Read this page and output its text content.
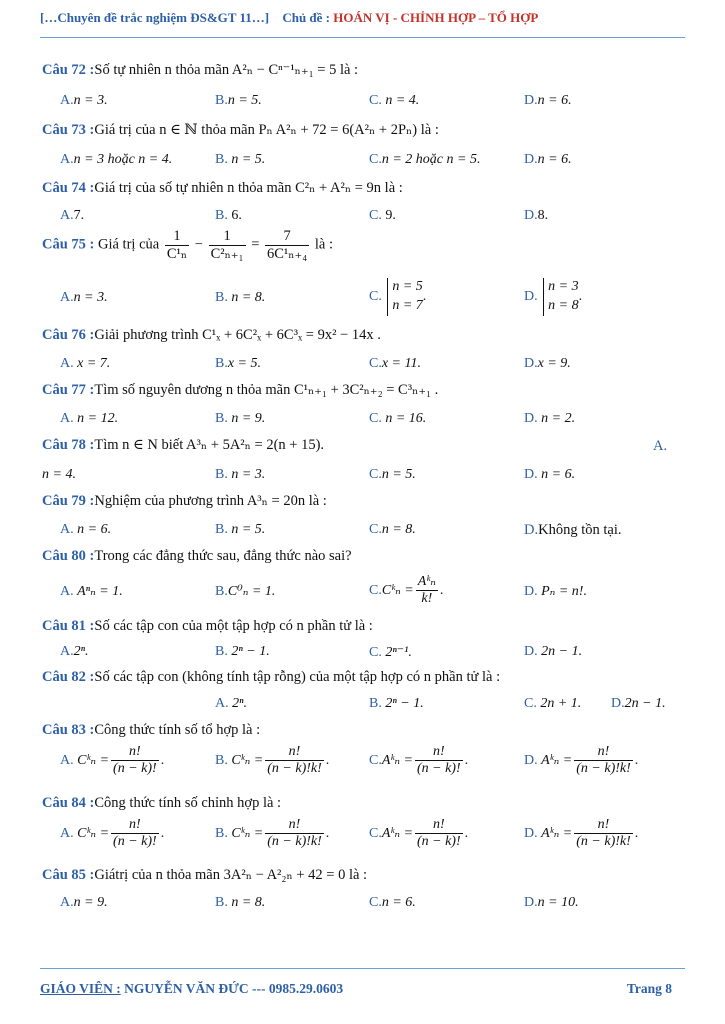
[…Chuyên đề trắc nghiệm ĐS&GT 11…] Chủ đề : HOÁN VỊ - CHỈNH HỢP – TỔ HỢP
Câu 72 :Số tự nhiên n thỏa mãn A²ₙ − Cⁿ⁻¹ₙ₊₁ = 5 là :
A.n = 3.	B.n = 5.	C. n = 4.	D.n = 6.
Câu 73 :Giá trị của n ∈ ℕ thỏa mãn Pₙ A²ₙ + 72 = 6(A²ₙ + 2Pₙ) là :
A.n = 3 hoặc n = 4.	B. n = 5.	C.n = 2 hoặc n = 5.	D.n = 6.
Câu 74 :Giá trị của số tự nhiên n thỏa mãn C²ₙ + A²ₙ = 9n là :
A.7.	B. 6.	C. 9.	D.8.
Câu 75 : Giá trị của $\frac{1}{\text{C¹ₙ}} - \frac{1}{\text{C²ₙ₊₁}} = \frac{7}{\text{6C¹ₙ₊₄}}$ là :
A.n = 3.	B. n = 8.	C.
n = 5
n = 7
.	D.
n = 3
n = 8
.
Câu 76 :Giải phương trình C¹ₓ + 6C²ₓ + 6C³ₓ = 9x² − 14x .
A. x = 7.	B.x = 5.	C.x = 11.	D.x = 9.
Câu 77 :Tìm số nguyên dương n thỏa mãn C¹ₙ₊₁ + 3C²ₙ₊₂ = C³ₙ₊₁ .
A. n = 12.	B. n = 9.	C. n = 16.	D. n = 2.
Câu 78 :Tìm n ∈ N biết A³ₙ + 5A²ₙ = 2(n + 15).	A.
n = 4.	B. n = 3.	C.n = 5.	D. n = 6.
Câu 79 :Nghiệm của phương trình A³ₙ = 20n là :
A. n = 6.	B. n = 5.	C.n = 8.	D.Không tồn tại.
Câu 80 :Trong các đẳng thức sau, đẳng thức nào sai?
A. Aⁿₙ = 1.	B.C⁰ₙ = 1.	C.Cᵏₙ =
Aᵏₙ
k!
.	D. Pₙ = n!.
Câu 81 :Số các tập con của một tập hợp có n phần tử là :
A.2ⁿ.	B. 2ⁿ − 1.	C. 2ⁿ⁻¹.	D. 2n − 1.
Câu 82 :Số các tập con (không tính tập rỗng) của một tập hợp có n phần tử là :
A. 2ⁿ.	B. 2ⁿ − 1.	C. 2n + 1. D.2n − 1.
Câu 83 :Công thức tính số tổ hợp là :
A. Cᵏₙ = $\frac{n!}{(n - k)!}$ .	B. Cᵏₙ = $\frac{n!}{(n - k)!k!}$ .	C.Aᵏₙ = $\frac{n!}{(n - k)!}$ .	D. Aᵏₙ = $\frac{n!}{(n - k)!k!}$ .
Câu 84 :Công thức tính số chỉnh hợp là :
A. Cᵏₙ = $\frac{n!}{(n - k)!}$ .	B. Cᵏₙ = $\frac{n!}{(n - k)!k!}$ .	C.Aᵏₙ = $\frac{n!}{(n - k)!}$ .	D. Aᵏₙ = $\frac{n!}{(n - k)!k!}$ .
Câu 85 :Giátrị của n thỏa mãn 3A²ₙ − A²₂ₙ + 42 = 0 là :
A.n = 9.	B. n = 8.	C.n = 6.	D.n = 10.
GIÁO VIÊN : NGUYỄN VĂN ĐỨC --- 0985.29.0603	Trang 8
